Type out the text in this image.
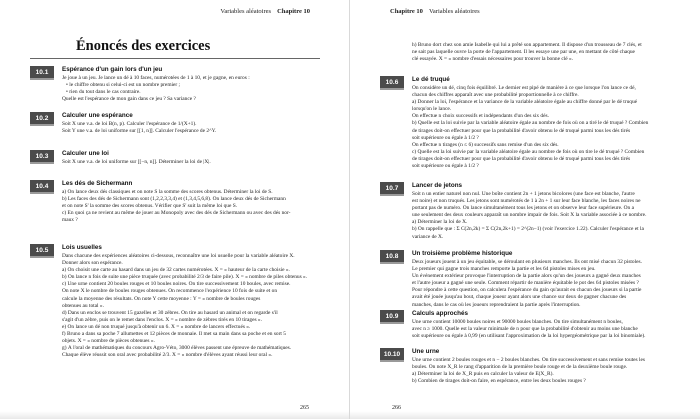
Variables aléatoires Chapitre 10
Énoncés des exercices
10.1	Espérance d'un gain lors d'un jeu
Je joue à un jeu. Je lance un dé à 10 faces, numérotées de 1 à 10, et je gagne, en euros :
• le chiffre obtenu si celui-ci est un nombre premier ;
• rien du tout dans le cas contraire.
Quelle est l'espérance de mon gain dans ce jeu ? Sa variance ?
10.2	Calculer une espérance
Soit X une v.a. de loi B(n, p). Calculer l'espérance de 1/(X+1).
Soit Y une v.a. de loi uniforme sur [[1, n]]. Calculer l'espérance de 2^Y.
10.3	Calculer une loi
Soit X une v.a. de loi uniforme sur [[−n, n]]. Déterminer la loi de |X|.
10.4	Les dés de Sichermann
a) On lance deux dés classiques et on note S la somme des scores obtenus. Déterminer la loi de S.
b) Les faces des dés de Sichermann sont (1,2,2,3,3,4) et (1,3,4,5,6,8). On lance deux dés de Sichermann
et on note S' la somme des scores obtenus. Vérifier que S' suit la même loi que S.
c) En quoi ça ne revient au même de jouer au Monopoly avec des dés de Sichermann ou avec des dés nor-
maux ?
10.5	Lois usuelles
Dans chacune des expériences aléatoires ci-dessous, reconnaître une loi usuelle pour la variable aléatoire X.
Donner alors son espérance.
a) On choisit une carte au hasard dans un jeu de 32 cartes numérotées. X = « hauteur de la carte choisie ».
b) On lance n fois de suite une pièce truquée (avec probabilité 2/3 de faire pile). X = « nombre de piles obtenus ».
c) Une urne contient 20 boules rouges et 10 boules noires. On tire successivement 10 boules, avec remise.
On note X le nombre de boules rouges obtenues. On recommence l'expérience 10 fois de suite et on
calcule la moyenne des résultats. On note Y cette moyenne : Y = « nombre de boules rouges
obtenues au total ».
d) Dans un enclos se trouvent 15 gazelles et 30 zèbres. On tire au hasard un animal et on regarde s'il
s'agit d'un zèbre, puis on le remet dans l'enclos. X = « nombre de zèbres tirés en 10 tirages ».
e) On lance un dé non truqué jusqu'à obtenir un 6. X = « nombre de lancers effectués ».
f) Bruno a dans sa poche 7 allumettes et 12 pièces de monnaie. Il met sa main dans sa poche et en sort 5
objets. X = « nombre de pièces obtenues ».
g) À l'oral de mathématiques du concours Agro-Véto, 3000 élèves passent une épreuve de mathématiques.
Chaque élève réussit son oral avec probabilité 2/3. X = « nombre d'élèves ayant réussi leur oral ».
265
Chapitre 10 Variables aléatoires
h) Bruno dort chez son amie Isabelle qui lui a prêté son appartement. Il dispose d'un trousseau de 7 clés, et
ne sait pas laquelle ouvre la porte de l'appartement. Il les essaye une par une, en mettant de côté chaque
clé essayée. X = « nombre d'essais nécessaires pour trouver la bonne clé ».
10.6	Le dé truqué
On considère un dé, cinq fois équilibré. Le dernier est pipé de manière à ce que lorsque l'on lance ce dé,
chacun des chiffres apparaît avec une probabilité proportionnelle à ce chiffre.
a) Donner la loi, l'espérance et la variance de la variable aléatoire égale au chiffre donné par le dé truqué
lorsqu'on le lance.
On effectue n choix successifs et indépendants d'un des six dés.
b) Quelle est la loi suivie par la variable aléatoire égale au nombre de fois où on a tiré le dé truqué ? Combien
de tirages doit-on effectuer pour que la probabilité d'avoir obtenu le dé truqué parmi tous les dés tirés
soit supérieure ou égale à 1/2 ?
On effectue n tirages (n ≤ 6) successifs sans remise d'un des six dés.
c) Quelle est la loi suivie par la variable aléatoire égale au nombre de fois où on tire le dé truqué ? Combien
de tirages doit-on effectuer pour que la probabilité d'avoir obtenu le dé truqué parmi tous les dés tirés
soit supérieure ou égale à 1/2 ?
10.7	Lancer de jetons
Soit n un entier naturel non nul. Une boîte contient 2n + 1 jetons bicolores (une face est blanche, l'autre
est noire) et non truqués. Les jetons sont numérotés de 1 à 2n + 1 sur leur face blanche, les faces noires ne
portant pas de numéro. On lance simultanément tous les jetons et on observe leur face supérieure. On a
une seulement des deux couleurs apparaît un nombre impair de fois. Soit X la variable associée à ce nombre.
a) Déterminer la loi de X.
b) On rappelle que : Σ C(2n,2k) = Σ C(2n,2k+1) = 2^(2n−1) (voir l'exercice 1.22). Calculer l'espérance et la
variance de X.
10.8	Un troisième problème historique
Deux joueurs jouent à un jeu équitable, se déroulant en plusieurs manches. Ils ont misé chacun 32 pistoles.
Le premier qui gagne trois manches remporte la partie et les 64 pistoles mises en jeu.
Un événement extérieur provoque l'interruption de la partie alors qu'un des joueurs a gagné deux manches
et l'autre joueur a gagné une seule. Comment répartir de manière équitable le pot des 64 pistoles misées ?
Pour répondre à cette question, on calculera l'espérance du gain qu'aurait eu chacun des joueurs si la partie
avait été jouée jusqu'au bout, chaque joueur ayant alors une chance sur deux de gagner chacune des
manches, dans le cas où les joueurs reprendraient la partie après l'interruption.
10.9	Calculs approchés
Une urne contient 10000 boules noires et 90000 boules blanches. On tire simultanément n boules,
avec n ≥ 1000. Quelle est la valeur minimale de n pour que la probabilité d'obtenir au moins une blanche
soit supérieure ou égale à 0,99 (en utilisant l'approximation de la loi hypergéométrique par la loi binomiale).
10.10	Une urne
Une urne contient 2 boules rouges et n − 2 boules blanches. On tire successivement et sans remise toutes les
boules. On note X_R le rang d'apparition de la première boule rouge et de la deuxième boule rouge.
a) Déterminer la loi de X_R puis en calculer la valeur de E(X_R).
b) Combien de tirages doit-on faire, en espérance, entre les deux boules rouges ?
266
